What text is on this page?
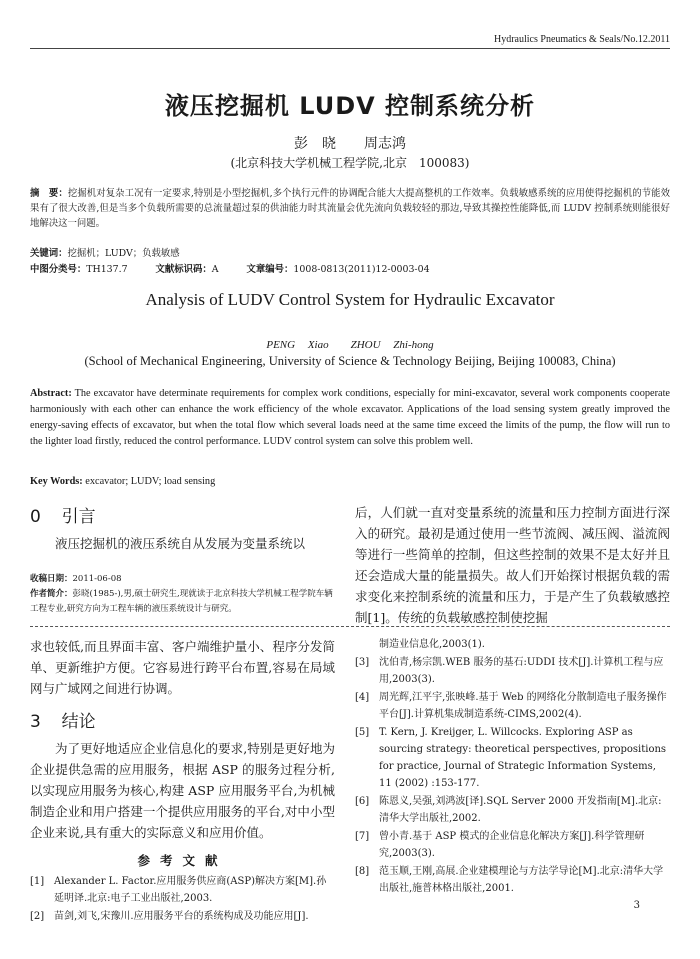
Hydraulics Pneumatics & Seals/No.12.2011
液压挖掘机 LUDV 控制系统分析
彭　晓　　周志鸿
(北京科技大学机械工程学院,北京　100083)
摘　要：挖掘机对复杂工况有一定要求,特别是小型挖掘机,多个执行元件的协调配合能大大提高整机的工作效率。负载敏感系统的应用使得挖掘机的节能效果有了很大改善,但是当多个负载所需要的总流量超过泵的供油能力时其流量会优先流向负载较轻的那边,导致其操控性能降低,而 LUDV 控制系统则能很好地解决这一问题。
关键词：挖掘机；LUDV；负载敏感
中图分类号：TH137.7	文献标识码：A	文章编号：1008-0813(2011)12-0003-04
Analysis of LUDV Control System for Hydraulic Excavator
PENG Xiao　　ZHOU Zhi-hong
(School of Mechanical Engineering, University of Science & Technology Beijing, Beijing 100083, China)
Abstract: The excavator have determinate requirements for complex work conditions, especially for mini-excavator, several work components cooperate harmoniously with each other can enhance the work efficiency of the whole excavator. Applications of the load sensing system greatly improved the energy-saving effects of excavator, but when the total flow which several loads need at the same time exceed the limits of the pump, the flow will run to the lighter load firstly, reduced the control performance. LUDV control system can solve this problem well.
Key Words: excavator; LUDV; load sensing
0 引言
液压挖掘机的液压系统自从发展为变量系统以
收稿日期：2011-06-08
作者简介：彭晓(1985-),男,硕士研究生,现就读于北京科技大学机械工程学院车辆工程专业,研究方向为工程车辆的液压系统设计与研究。
后，人们就一直对变量系统的流量和压力控制方面进行深入的研究。最初是通过使用一些节流阀、减压阀、溢流阀等进行一些简单的控制，但这些控制的效果不是太好并且还会造成大量的能量损失。故人们开始探讨根据负载的需求变化来控制系统的流量和压力，于是产生了负载敏感控制[1]。传统的负载敏感控制使挖掘
求也较低,而且界面丰富、客户端维护量小、程序分发简单、更新维护方便。它容易进行跨平台布置,容易在局域网与广域网之间进行协调。
3 结论
为了更好地适应企业信息化的要求,特别是更好地为企业提供急需的应用服务，根据 ASP 的服务过程分析,以实现应用服务为核心,构建 ASP 应用服务平台,为机械制造企业和用户搭建一个提供应用服务的平台,对中小型企业来说,具有重大的实际意义和应用价值。
参考文献
[1] Alexander L. Factor.应用服务供应商(ASP)解决方案[M].孙延明译.北京:电子工业出版社,2003.
[2] 苗剑,刘飞,宋豫川.应用服务平台的系统构成及功能应用[J].
制造业信息化,2003(1).
[3] 沈伯青,杨宗凯.WEB 服务的基石:UDDI 技术[J].计算机工程与应用,2003(3).
[4] 周光辉,江平宇,张映峰.基于 Web 的网络化分散制造电子服务操作平台[J].计算机集成制造系统-CIMS,2002(4).
[5] T. Kern, J. Kreijger, L. Willcocks. Exploring ASP as sourcing strategy: theoretical perspectives, propositions for practice, Journal of Strategic Information Systems, 11 (2002) :153-177.
[6] 陈恩义,吴强,刘鸿波[译].SQL Server 2000 开发指南[M].北京:清华大学出版社,2002.
[7] 曾小青.基于 ASP 模式的企业信息化解决方案[J].科学管理研究,2003(3).
[8] 范玉顺,王刚,高展.企业建模理论与方法学导论[M].北京:清华大学出版社,施普林格出版社,2001.
3
